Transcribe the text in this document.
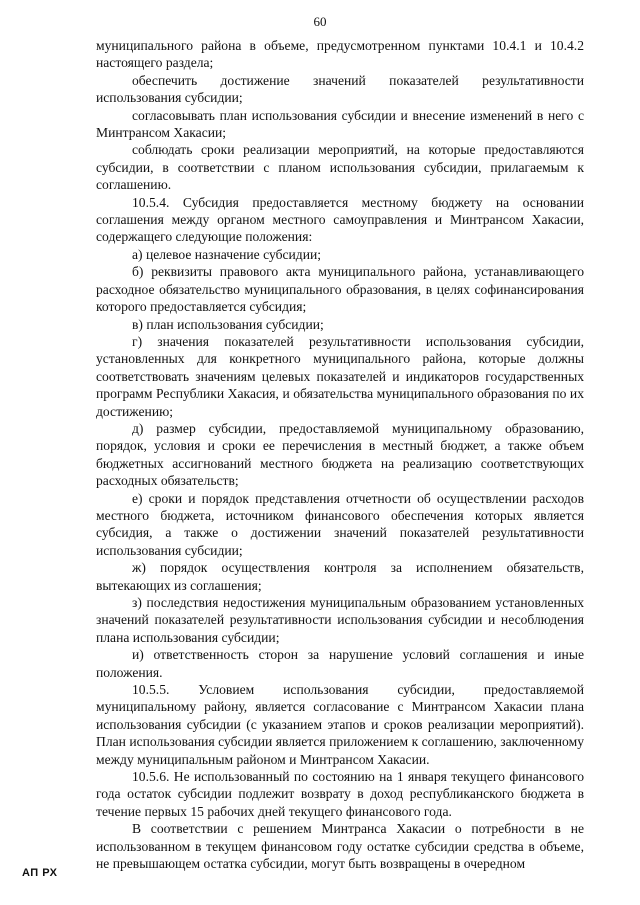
60

муниципального района в объеме, предусмотренном пунктами 10.4.1 и 10.4.2 настоящего раздела;

обеспечить достижение значений показателей результативности использования субсидии;

согласовывать план использования субсидии и внесение изменений в него с Минтрансом Хакасии;

соблюдать сроки реализации мероприятий, на которые предоставляются субсидии, в соответствии с планом использования субсидии, прилагаемым к соглашению.

10.5.4. Субсидия предоставляется местному бюджету на основании соглашения между органом местного самоуправления и Минтрансом Хакасии, содержащего следующие положения:

а) целевое назначение субсидии;

б) реквизиты правового акта муниципального района, устанавливающего расходное обязательство муниципального образования, в целях софинансирования которого предоставляется субсидия;

в) план использования субсидии;

г) значения показателей результативности использования субсидии, установленных для конкретного муниципального района, которые должны соответствовать значениям целевых показателей и индикаторов государственных программ Республики Хакасия, и обязательства муниципального образования по их достижению;

д) размер субсидии, предоставляемой муниципальному образованию, порядок, условия и сроки ее перечисления в местный бюджет, а также объем бюджетных ассигнований местного бюджета на реализацию соответствующих расходных обязательств;

е) сроки и порядок представления отчетности об осуществлении расходов местного бюджета, источником финансового обеспечения которых является субсидия, а также о достижении значений показателей результативности использования субсидии;

ж) порядок осуществления контроля за исполнением обязательств, вытекающих из соглашения;

з) последствия недостижения муниципальным образованием установленных значений показателей результативности использования субсидии и несоблюдения плана использования субсидии;

и) ответственность сторон за нарушение условий соглашения и иные положения.

10.5.5. Условием использования субсидии, предоставляемой муниципальному району, является согласование с Минтрансом Хакасии плана использования субсидии (с указанием этапов и сроков реализации мероприятий). План использования субсидии является приложением к соглашению, заключенному между муниципальным районом и Минтрансом Хакасии.

10.5.6. Не использованный по состоянию на 1 января текущего финансового года остаток субсидии подлежит возврату в доход республиканского бюджета в течение первых 15 рабочих дней текущего финансового года.

В соответствии с решением Минтранса Хакасии о потребности в не использованном в текущем финансовом году остатке субсидии средства в объеме, не превышающем остатка субсидии, могут быть возвращены в очередном

АП РХ
